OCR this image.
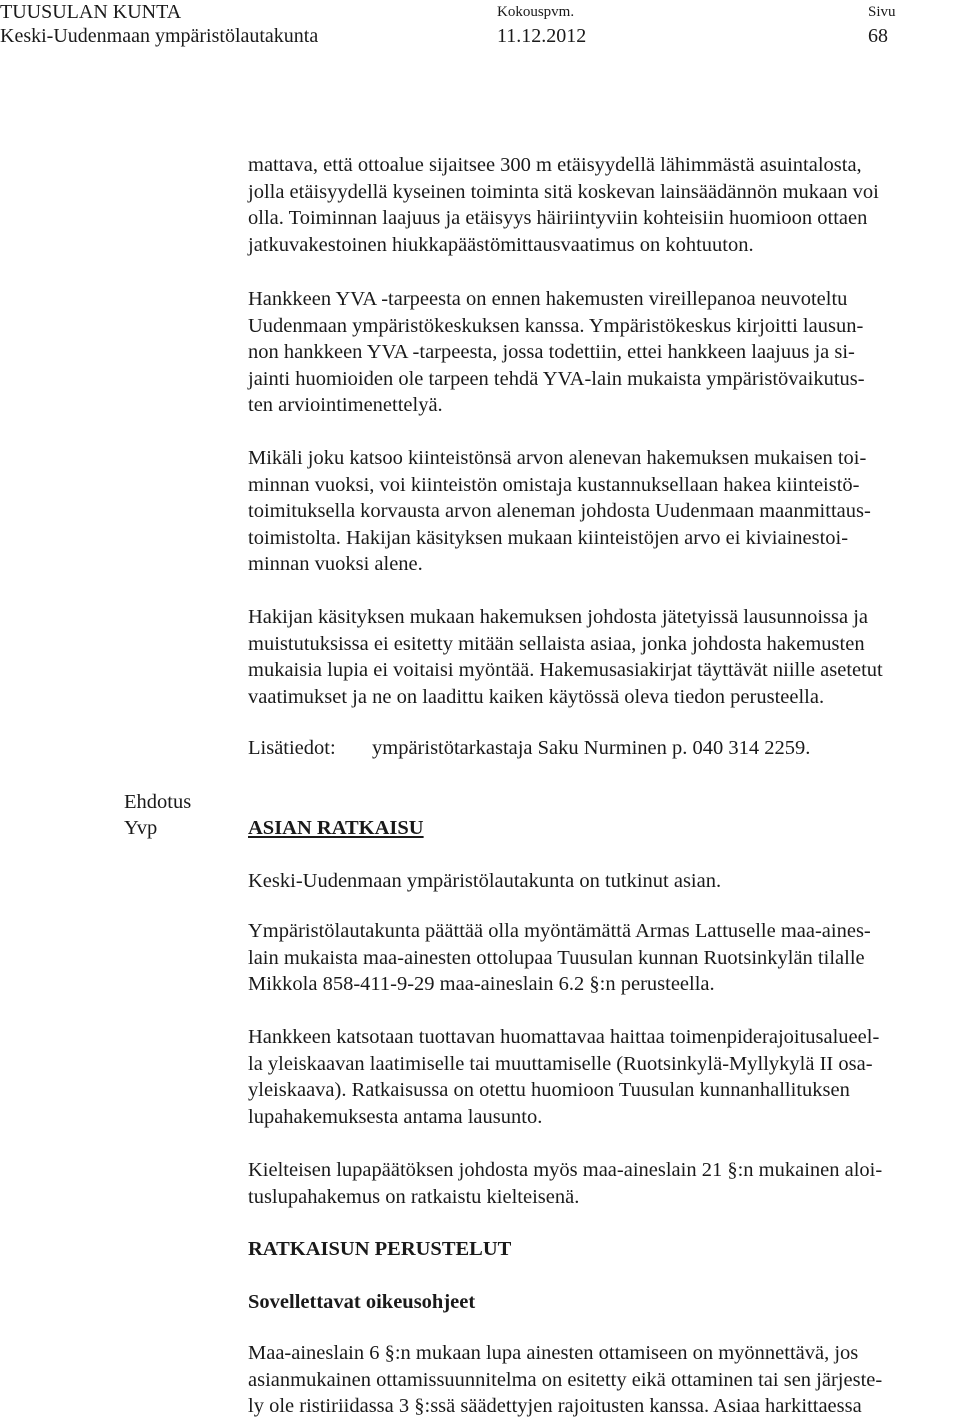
TUUSULAN KUNTA
Keski-Uudenmaan ympäristölautakunta
Kokouspvm.
11.12.2012
Sivu
68

mattava, että ottoalue sijaitsee 300 m etäisyydellä lähimmästä asuintalosta,
jolla etäisyydellä kyseinen toiminta sitä koskevan lainsäädännön mukaan voi
olla. Toiminnan laajuus ja etäisyys häiriintyviin kohteisiin huomioon ottaen
jatkuvakestoinen hiukkapäästömittausvaatimus on kohtuuton.

Hankkeen YVA -tarpeesta on ennen hakemusten vireillepanoa neuvoteltu
Uudenmaan ympäristökeskuksen kanssa. Ympäristökeskus kirjoitti lausun-
non hankkeen YVA -tarpeesta, jossa todettiin, ettei hankkeen laajuus ja si-
jainti huomioiden ole tarpeen tehdä YVA-lain mukaista ympäristövaikutus-
ten arviointimenettelyä.

Mikäli joku katsoo kiinteistönsä arvon alenevan hakemuksen mukaisen toi-
minnan vuoksi, voi kiinteistön omistaja kustannuksellaan hakea kiinteistö-
toimituksella korvausta arvon aleneman johdosta Uudenmaan maanmittaus-
toimistolta. Hakijan käsityksen mukaan kiinteistöjen arvo ei kiviainestoi-
minnan vuoksi alene.

Hakijan käsityksen mukaan hakemuksen johdosta jätetyissä lausunnoissa ja
muistutuksissa ei esitetty mitään sellaista asiaa, jonka johdosta hakemusten
mukaisia lupia ei voitaisi myöntää. Hakemusasiakirjat täyttävät niille asetetut
vaatimukset ja ne on laadittu kaiken käytössä oleva tiedon perusteella.

Lisätiedot: ympäristötarkastaja Saku Nurminen p. 040 314 2259.
Ehdotus
Yvp	ASIAN RATKAISU

Keski-Uudenmaan ympäristölautakunta on tutkinut asian.

Ympäristölautakunta päättää olla myöntämättä Armas Lattuselle maa-aines-
lain mukaista maa-ainesten ottolupaa Tuusulan kunnan Ruotsinkylän tilalle
Mikkola 858-411-9-29 maa-aineslain 6.2 §:n perusteella.

Hankkeen katsotaan tuottavan huomattavaa haittaa toimenpiderajoitusalueel-
la yleiskaavan laatimiselle tai muuttamiselle (Ruotsinkylä-Myllykylä II osa-
yleiskaava). Ratkaisussa on otettu huomioon Tuusulan kunnanhallituksen
lupahakemuksesta antama lausunto.

Kielteisen lupapäätöksen johdosta myös maa-aineslain 21 §:n mukainen aloi-
tuslupahakemus on ratkaistu kielteisenä.

RATKAISUN PERUSTELUT
Sovellettavat oikeusohjeet

Maa-aineslain 6 §:n mukaan lupa ainesten ottamiseen on myönnettävä, jos
asianmukainen ottamissuunnitelma on esitetty eikä ottaminen tai sen järjeste-
ly ole ristiriidassa 3 §:ssä säädettyjen rajoitusten kanssa. Asiaa harkittaessa
